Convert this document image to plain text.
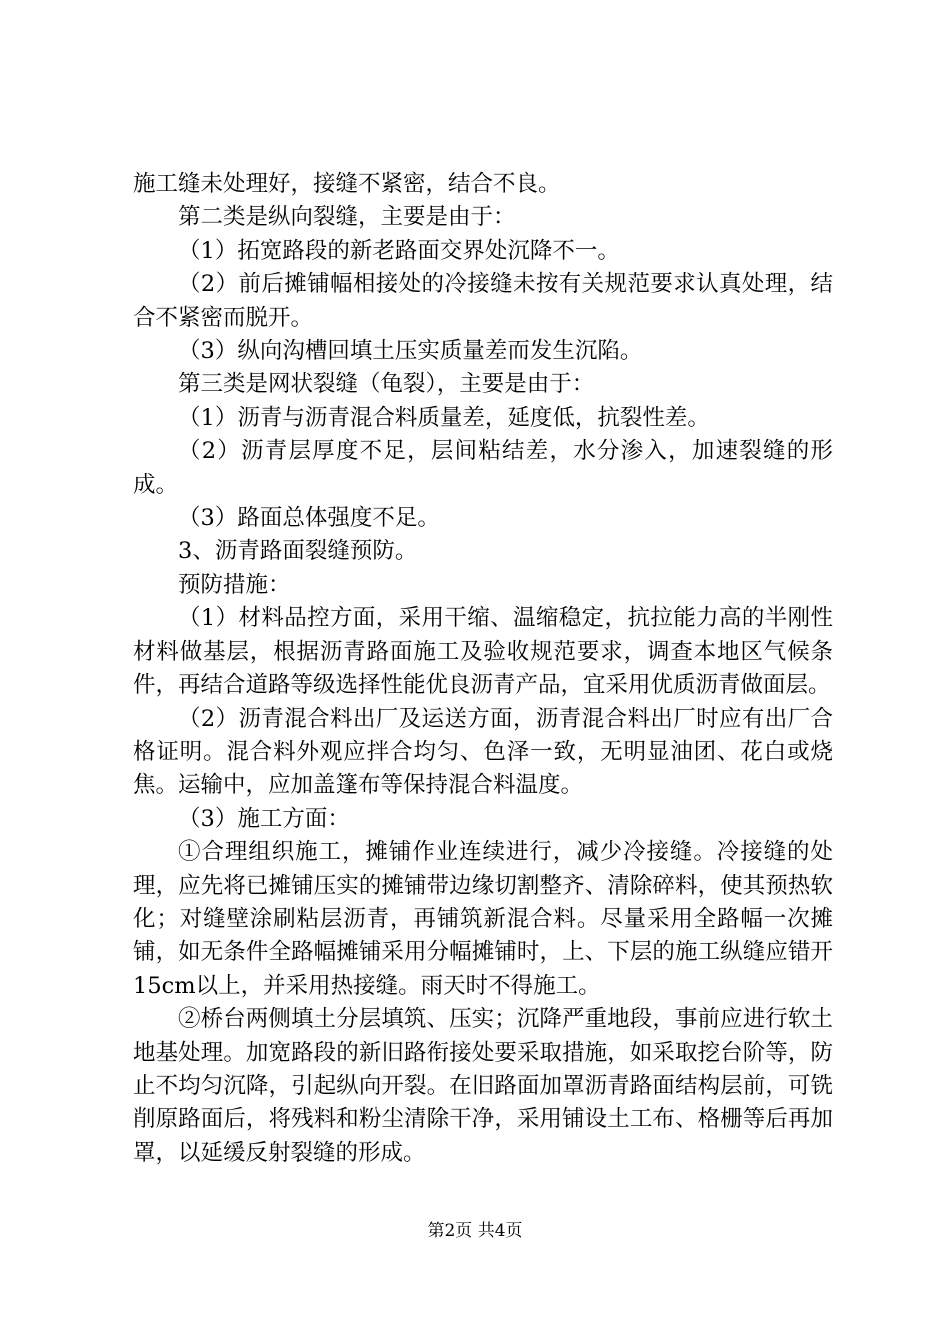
施工缝未处理好，接缝不紧密，结合不良。

第二类是纵向裂缝，主要是由于：

（1）拓宽路段的新老路面交界处沉降不一。

（2）前后摊铺幅相接处的冷接缝未按有关规范要求认真处理，结合不紧密而脱开。

（3）纵向沟槽回填土压实质量差而发生沉陷。

第三类是网状裂缝（龟裂），主要是由于：

（1）沥青与沥青混合料质量差，延度低，抗裂性差。

（2）沥青层厚度不足，层间粘结差，水分渗入，加速裂缝的形成。

（3）路面总体强度不足。

3、沥青路面裂缝预防。

预防措施：

（1）材料品控方面，采用干缩、温缩稳定，抗拉能力高的半刚性材料做基层，根据沥青路面施工及验收规范要求，调查本地区气候条件，再结合道路等级选择性能优良沥青产品，宜采用优质沥青做面层。

（2）沥青混合料出厂及运送方面，沥青混合料出厂时应有出厂合格证明。混合料外观应拌合均匀、色泽一致，无明显油团、花白或烧焦。运输中，应加盖篷布等保持混合料温度。

（3）施工方面：

①合理组织施工，摊铺作业连续进行，减少冷接缝。冷接缝的处理，应先将已摊铺压实的摊铺带边缘切割整齐、清除碎料，使其预热软化；对缝壁涂刷粘层沥青，再铺筑新混合料。尽量采用全路幅一次摊铺，如无条件全路幅摊铺采用分幅摊铺时，上、下层的施工纵缝应错开15cm以上，并采用热接缝。雨天时不得施工。

②桥台两侧填土分层填筑、压实；沉降严重地段，事前应进行软土地基处理。加宽路段的新旧路衔接处要采取措施，如采取挖台阶等，防止不均匀沉降，引起纵向开裂。在旧路面加罩沥青路面结构层前，可铣削原路面后，将残料和粉尘清除干净，采用铺设土工布、格栅等后再加罩，以延缓反射裂缝的形成。

第2页 共4页
